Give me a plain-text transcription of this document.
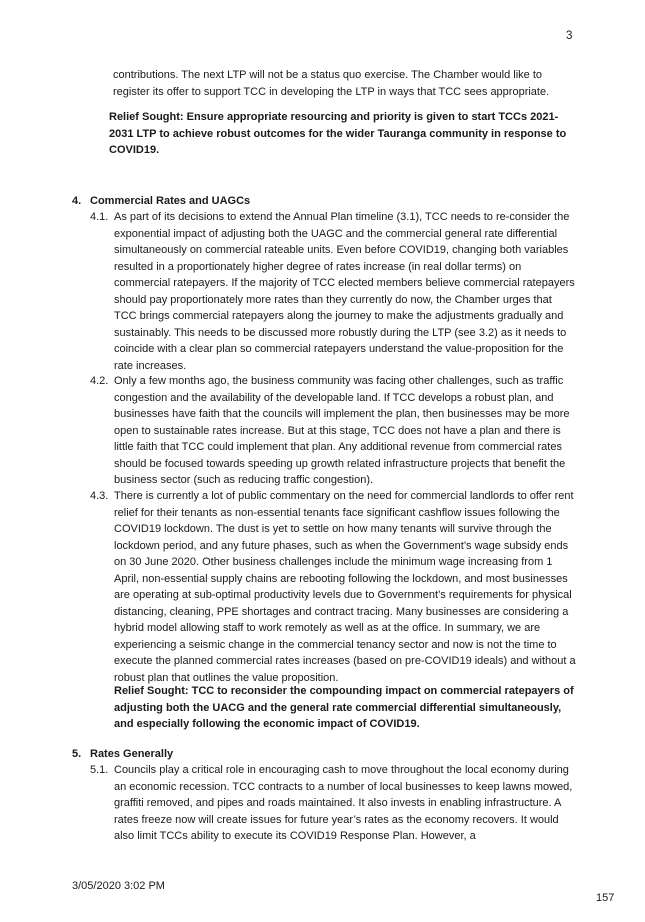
3

contributions. The next LTP will not be a status quo exercise. The Chamber would like to register its offer to support TCC in developing the LTP in ways that TCC sees appropriate.

Relief Sought: Ensure appropriate resourcing and priority is given to start TCCs 2021-2031 LTP to achieve robust outcomes for the wider Tauranga community in response to COVID19.

4. Commercial Rates and UAGCs
4.1. As part of its decisions to extend the Annual Plan timeline (3.1), TCC needs to re-consider the exponential impact of adjusting both the UAGC and the commercial general rate differential simultaneously on commercial rateable units. Even before COVID19, changing both variables resulted in a proportionately higher degree of rates increase (in real dollar terms) on commercial ratepayers. If the majority of TCC elected members believe commercial ratepayers should pay proportionately more rates than they currently do now, the Chamber urges that TCC brings commercial ratepayers along the journey to make the adjustments gradually and sustainably. This needs to be discussed more robustly during the LTP (see 3.2) as it needs to coincide with a clear plan so commercial ratepayers understand the value-proposition for the rate increases.

4.2. Only a few months ago, the business community was facing other challenges, such as traffic congestion and the availability of the developable land. If TCC develops a robust plan, and businesses have faith that the councils will implement the plan, then businesses may be more open to sustainable rates increase. But at this stage, TCC does not have a plan and there is little faith that TCC could implement that plan. Any additional revenue from commercial rates should be focused towards speeding up growth related infrastructure projects that benefit the business sector (such as reducing traffic congestion).

4.3. There is currently a lot of public commentary on the need for commercial landlords to offer rent relief for their tenants as non-essential tenants face significant cashflow issues following the COVID19 lockdown. The dust is yet to settle on how many tenants will survive through the lockdown period, and any future phases, such as when the Government’s wage subsidy ends on 30 June 2020. Other business challenges include the minimum wage increasing from 1 April, non-essential supply chains are rebooting following the lockdown, and most businesses are operating at sub-optimal productivity levels due to Government’s requirements for physical distancing, cleaning, PPE shortages and contract tracing. Many businesses are considering a hybrid model allowing staff to work remotely as well as at the office. In summary, we are experiencing a seismic change in the commercial tenancy sector and now is not the time to execute the planned commercial rates increases (based on pre-COVID19 ideals) and without a robust plan that outlines the value proposition.

Relief Sought: TCC to reconsider the compounding impact on commercial ratepayers of adjusting both the UACG and the general rate commercial differential simultaneously, and especially following the economic impact of COVID19.

5. Rates Generally
5.1. Councils play a critical role in encouraging cash to move throughout the local economy during an economic recession. TCC contracts to a number of local businesses to keep lawns mowed, graffiti removed, and pipes and roads maintained. It also invests in enabling infrastructure. A rates freeze now will create issues for future year’s rates as the economy recovers. It would also limit TCCs ability to execute its COVID19 Response Plan. However, a

3/05/2020 3:02 PM
157
